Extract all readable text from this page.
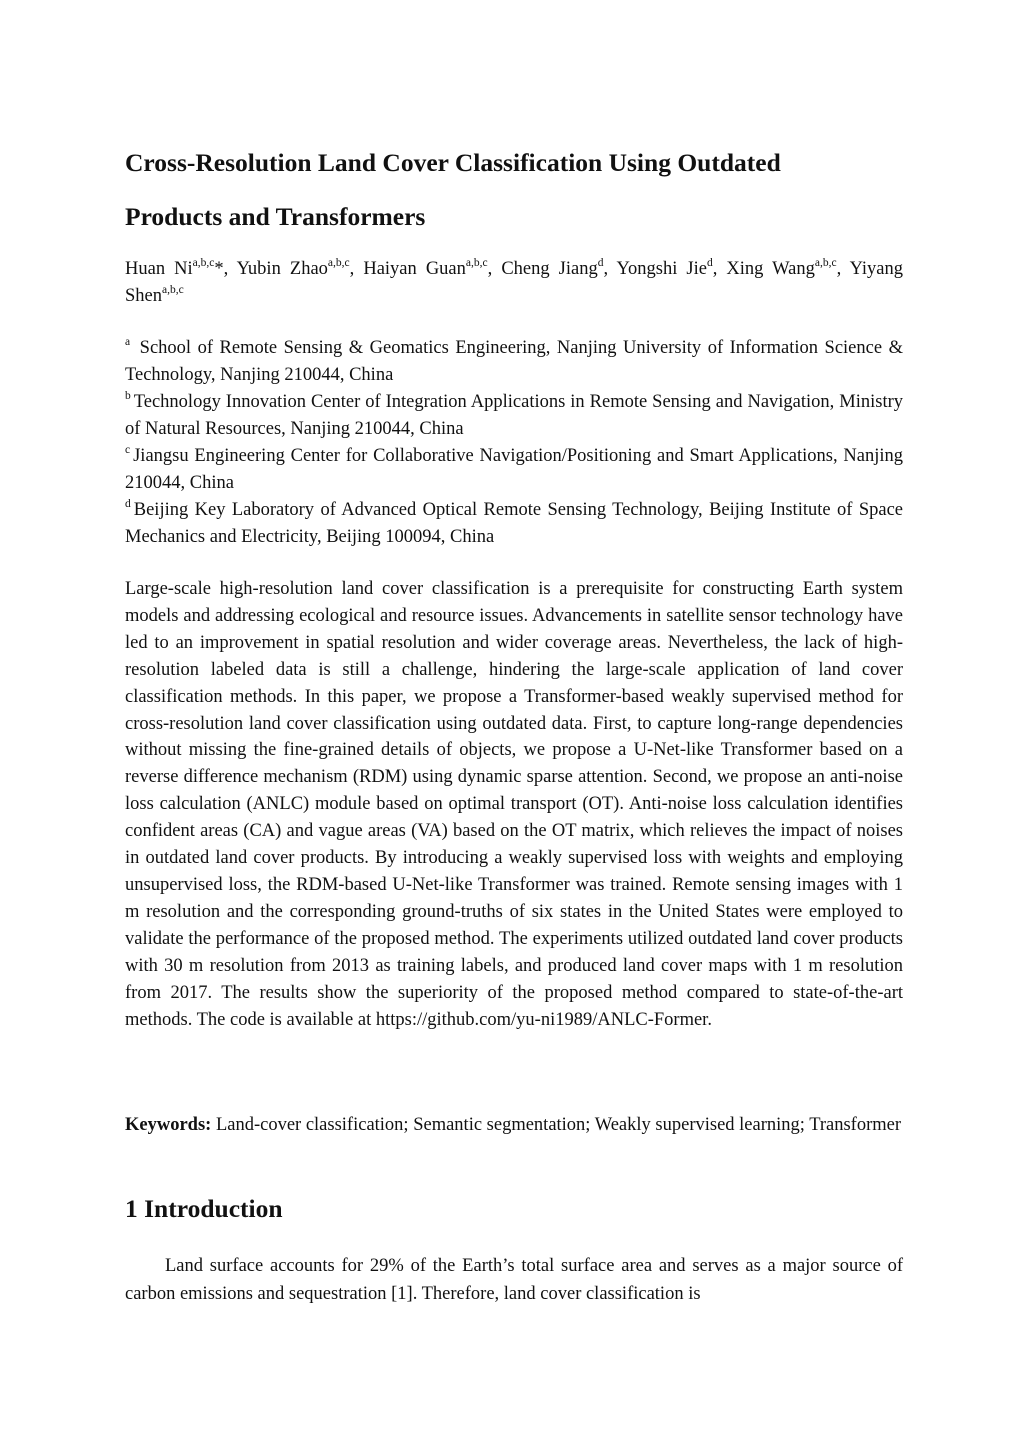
Cross-Resolution Land Cover Classification Using Outdated
Products and Transformers
Huan Ni$^{a,b,c}$*, Yubin Zhao$^{a,b,c}$, Haiyan Guan$^{a,b,c}$, Cheng Jiang$^d$, Yongshi Jie$^d$, Xing Wang$^{a,b,c}$, Yiyang Shen$^{a,b,c}$
$^a$ School of Remote Sensing & Geomatics Engineering, Nanjing University of Information Science & Technology, Nanjing 210044, China
$^b$ Technology Innovation Center of Integration Applications in Remote Sensing and Navigation, Ministry of Natural Resources, Nanjing 210044, China
$^c$ Jiangsu Engineering Center for Collaborative Navigation/Positioning and Smart Applications, Nanjing 210044, China
$^d$ Beijing Key Laboratory of Advanced Optical Remote Sensing Technology, Beijing Institute of Space Mechanics and Electricity, Beijing 100094, China

Large-scale high-resolution land cover classification is a prerequisite for constructing Earth system models and addressing ecological and resource issues. Advancements in satellite sensor technology have led to an improvement in spatial resolution and wider coverage areas. Nevertheless, the lack of high-resolution labeled data is still a challenge, hindering the large-scale application of land cover classification methods. In this paper, we propose a Transformer-based weakly supervised method for cross-resolution land cover classification using outdated data. First, to capture long-range dependencies without missing the fine-grained details of objects, we propose a U-Net-like Transformer based on a reverse difference mechanism (RDM) using dynamic sparse attention. Second, we propose an anti-noise loss calculation (ANLC) module based on optimal transport (OT). Anti-noise loss calculation identifies confident areas (CA) and vague areas (VA) based on the OT matrix, which relieves the impact of noises in outdated land cover products. By introducing a weakly supervised loss with weights and employing unsupervised loss, the RDM-based U-Net-like Transformer was trained. Remote sensing images with 1 m resolution and the corresponding ground-truths of six states in the United States were employed to validate the performance of the proposed method. The experiments utilized outdated land cover products with 30 m resolution from 2013 as training labels, and produced land cover maps with 1 m resolution from 2017. The results show the superiority of the proposed method compared to state-of-the-art methods. The code is available at https://github.com/yu-ni1989/ANLC-Former.

Keywords: Land-cover classification; Semantic segmentation; Weakly supervised learning; Transformer

1 Introduction

Land surface accounts for 29% of the Earth’s total surface area and serves as a major source of carbon emissions and sequestration [1]. Therefore, land cover classification is
